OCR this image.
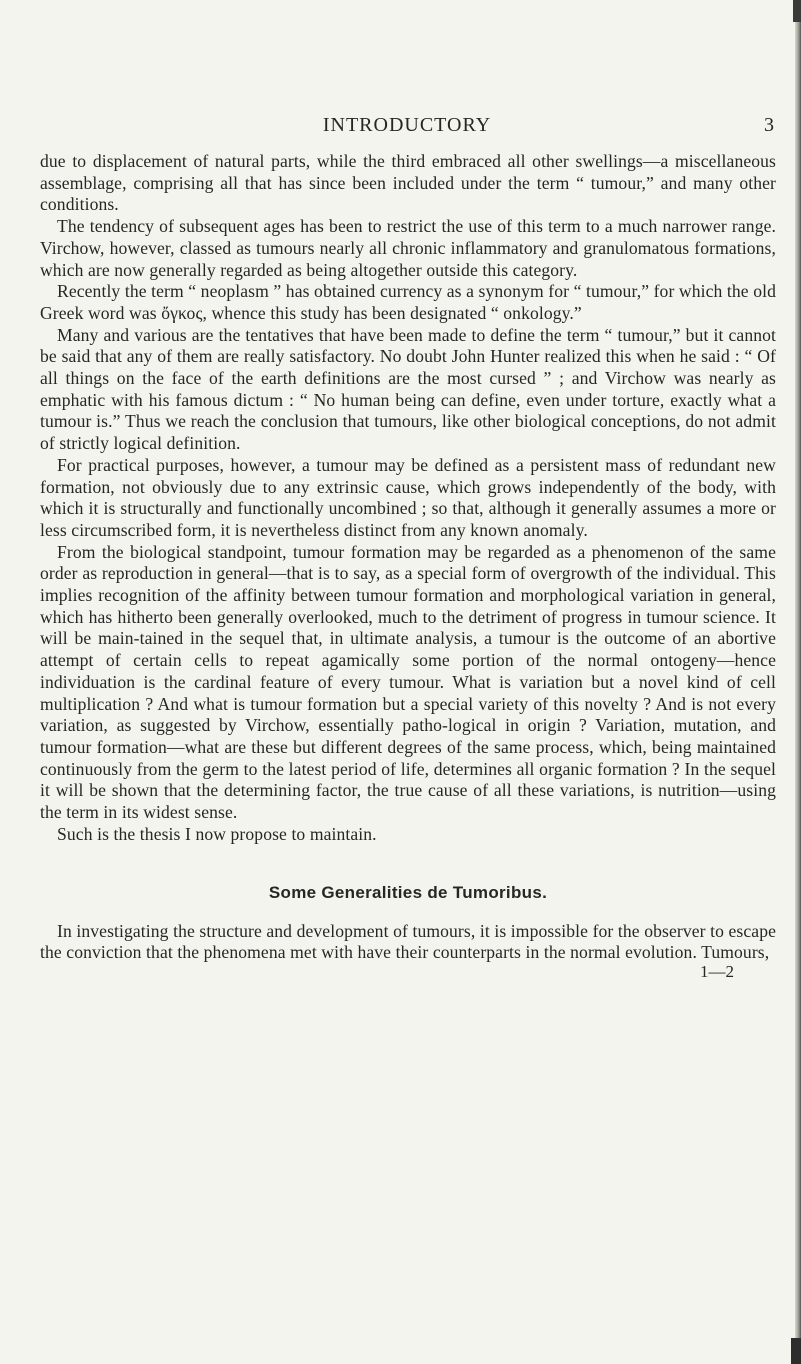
INTRODUCTORY	3

due to displacement of natural parts, while the third embraced all other swellings—a miscellaneous assemblage, comprising all that has since been included under the term “ tumour,” and many other conditions.

The tendency of subsequent ages has been to restrict the use of this term to a much narrower range. Virchow, however, classed as tumours nearly all chronic inflammatory and granulomatous formations, which are now generally regarded as being altogether outside this category.

Recently the term “ neoplasm ” has obtained currency as a synonym for “ tumour,” for which the old Greek word was ὄγκος, whence this study has been designated “ onkology.”

Many and various are the tentatives that have been made to define the term “ tumour,” but it cannot be said that any of them are really satisfactory. No doubt John Hunter realized this when he said : “ Of all things on the face of the earth definitions are the most cursed ” ; and Virchow was nearly as emphatic with his famous dictum : “ No human being can define, even under torture, exactly what a tumour is.” Thus we reach the conclusion that tumours, like other biological conceptions, do not admit of strictly logical definition.

For practical purposes, however, a tumour may be defined as a persistent mass of redundant new formation, not obviously due to any extrinsic cause, which grows independently of the body, with which it is structurally and functionally uncombined ; so that, although it generally assumes a more or less circumscribed form, it is nevertheless distinct from any known anomaly.

From the biological standpoint, tumour formation may be regarded as a phenomenon of the same order as reproduction in general—that is to say, as a special form of overgrowth of the individual. This implies recognition of the affinity between tumour formation and morphological variation in general, which has hitherto been generally overlooked, much to the detriment of progress in tumour science. It will be main-tained in the sequel that, in ultimate analysis, a tumour is the outcome of an abortive attempt of certain cells to repeat agamically some portion of the normal ontogeny—hence individuation is the cardinal feature of every tumour. What is variation but a novel kind of cell multiplication ? And what is tumour formation but a special variety of this novelty ? And is not every variation, as suggested by Virchow, essentially patho-logical in origin ? Variation, mutation, and tumour formation—what are these but different degrees of the same process, which, being maintained continuously from the germ to the latest period of life, determines all organic formation ? In the sequel it will be shown that the determining factor, the true cause of all these variations, is nutrition—using the term in its widest sense.

Such is the thesis I now propose to maintain.

Some Generalities de Tumoribus.

In investigating the structure and development of tumours, it is impossible for the observer to escape the conviction that the phenomena met with have their counterparts in the normal evolution. Tumours,

1—2
